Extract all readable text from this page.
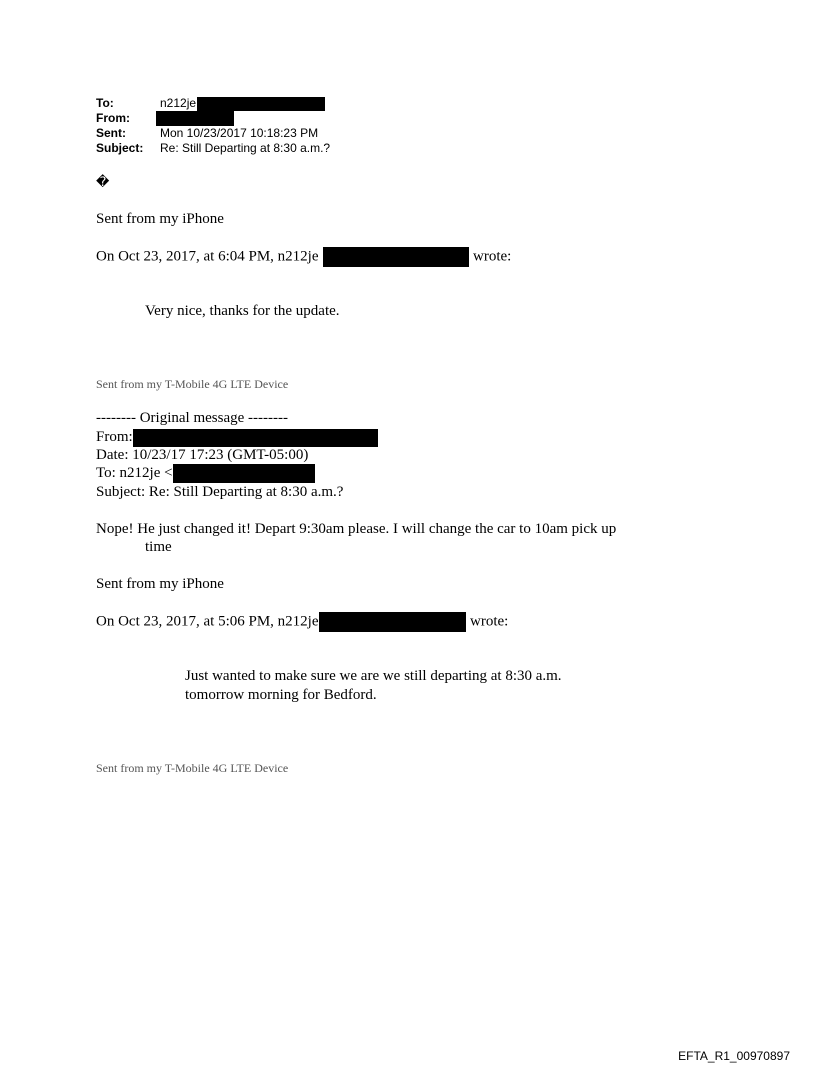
To:	n212je
From:
Sent:	Mon 10/23/2017 10:18:23 PM
Subject:	Re: Still Departing at 8:30 a.m.?
�
Sent from my iPhone
On Oct 23, 2017, at 6:04 PM, n212je	wrote:
Very nice, thanks for the update.
Sent from my T-Mobile 4G LTE Device
-------- Original message --------
From:
Date: 10/23/17 17:23 (GMT-05:00)
To: n212je <
Subject: Re: Still Departing at 8:30 a.m.?
Nope! He just changed it! Depart 9:30am please. I will change the car to 10am pick up
time
Sent from my iPhone
On Oct 23, 2017, at 5:06 PM, n212je	wrote:
Just wanted to make sure we are we still departing at 8:30 a.m.
tomorrow morning for Bedford.
Sent from my T-Mobile 4G LTE Device
EFTA_R1_00970897
